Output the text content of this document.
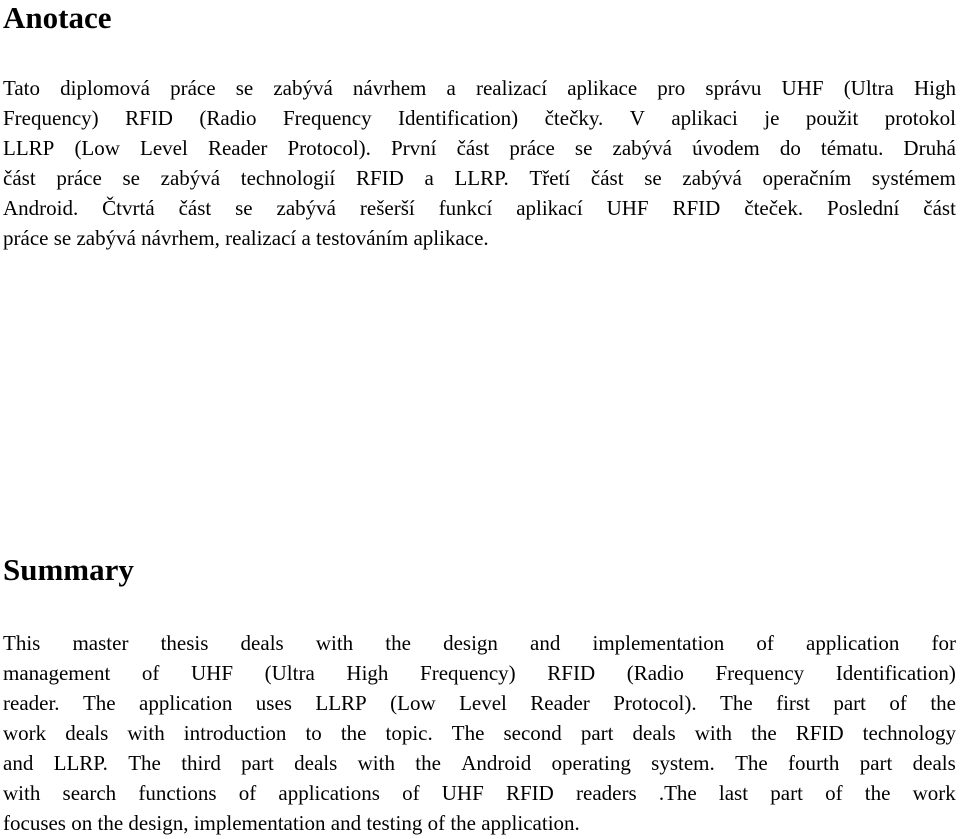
Anotace
Tato diplomová práce se zabývá návrhem a realizací aplikace pro správu UHF (Ultra High
Frequency) RFID (Radio Frequency Identification) čtečky. V aplikaci je použit protokol
LLRP (Low Level Reader Protocol). První část práce se zabývá úvodem do tématu. Druhá
část práce se zabývá technologií RFID a LLRP. Třetí část se zabývá operačním systémem
Android. Čtvrtá část se zabývá rešerší funkcí aplikací UHF RFID čteček. Poslední část
práce se zabývá návrhem, realizací a testováním aplikace.
Summary
This master thesis deals with the design and implementation of application for
management of UHF (Ultra High Frequency) RFID (Radio Frequency Identification)
reader. The application uses LLRP (Low Level Reader Protocol). The first part of the
work deals with introduction to the topic. The second part deals with the RFID technology
and LLRP. The third part deals with the Android operating system. The fourth part deals
with search functions of applications of UHF RFID readers .The last part of the work
focuses on the design, implementation and testing of the application.
